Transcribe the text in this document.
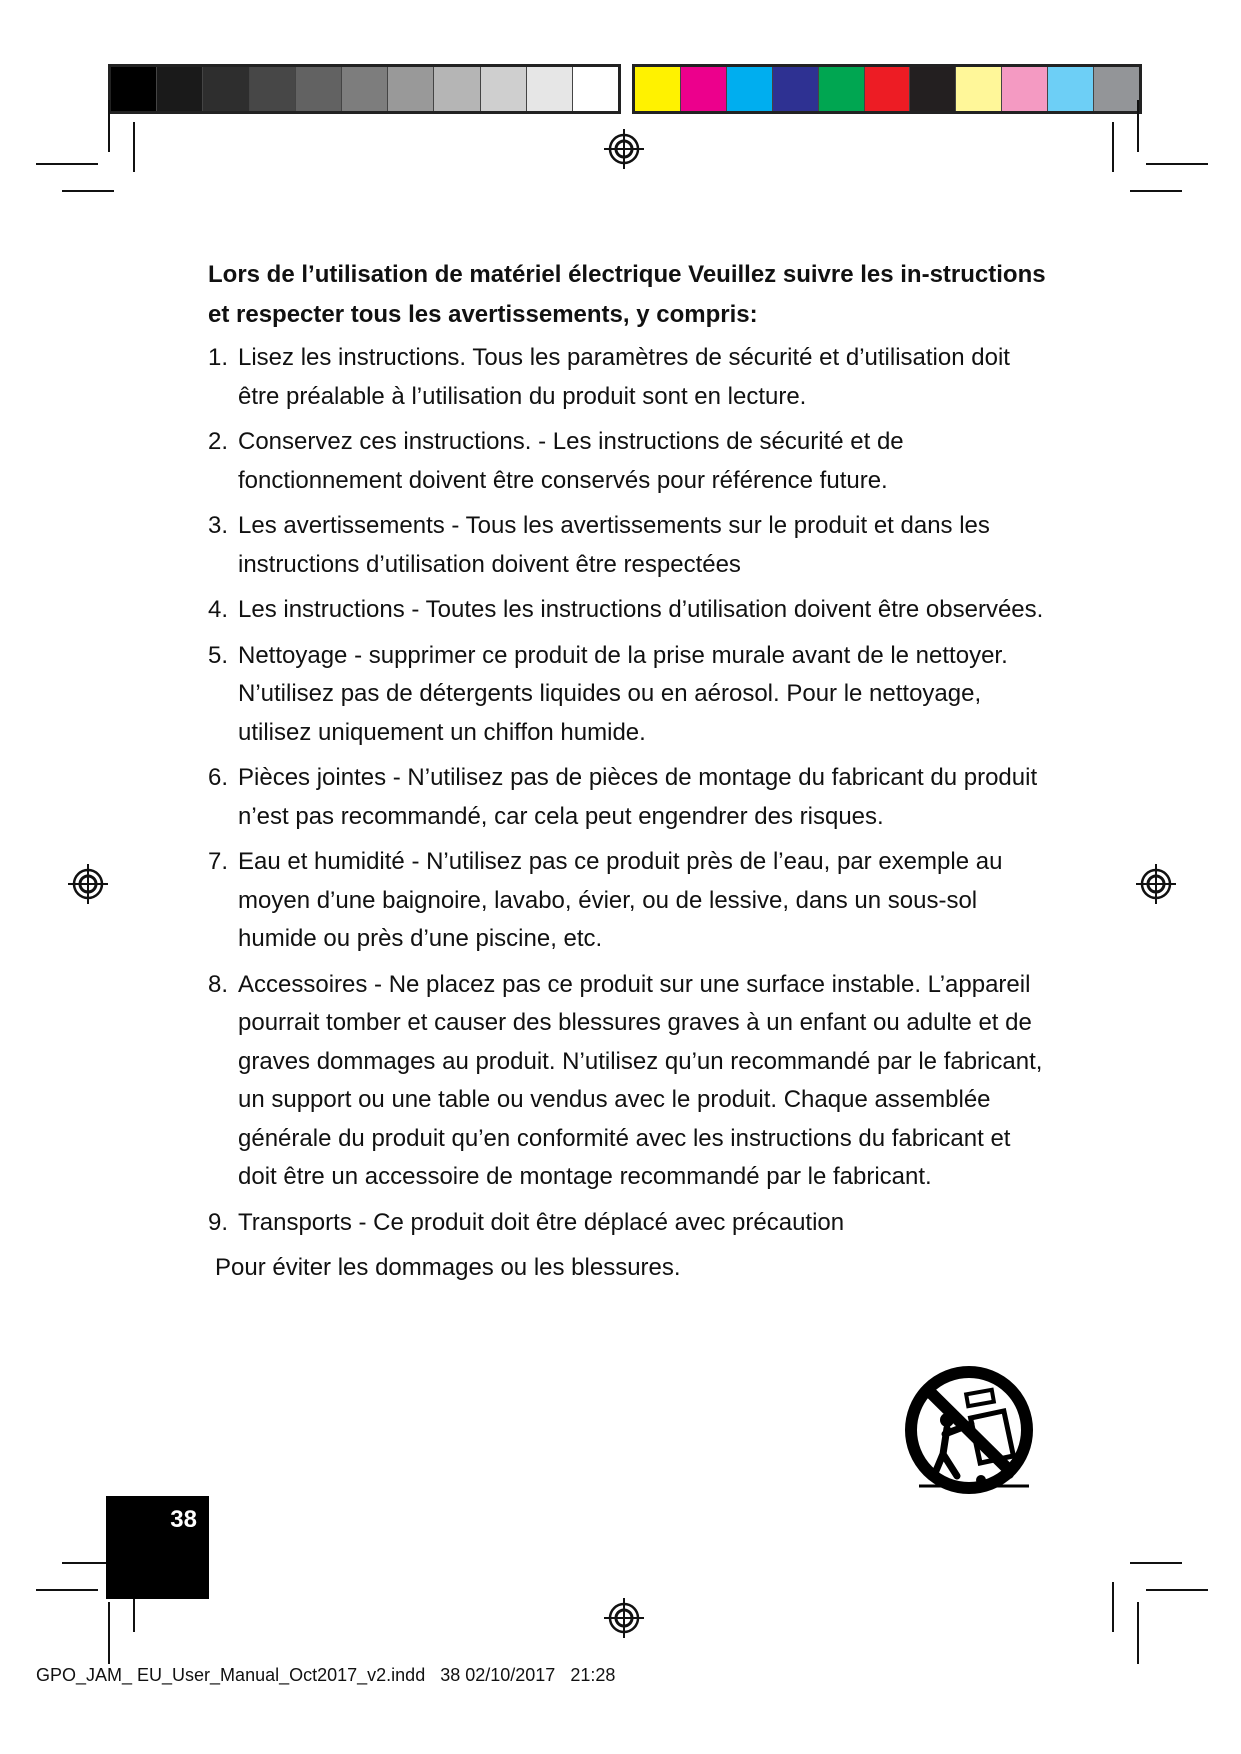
Lors de l’utilisation de matériel électrique Veuillez suivre les in-structions et respecter tous les avertissements, y compris:

1. Lisez les instructions. Tous les paramètres de sécurité et d’utilisation doit être préalable à l’utilisation du produit sont en lecture.
2. Conservez ces instructions. - Les instructions de sécurité et de fonctionnement doivent être conservés pour référence future.
3. Les avertissements - Tous les avertissements sur le produit et dans les instructions d’utilisation doivent être respectées
4. Les instructions - Toutes les instructions d’utilisation doivent être observées.
5. Nettoyage - supprimer ce produit de la prise murale avant de le nettoyer. N’utilisez pas de détergents liquides ou en aérosol. Pour le nettoyage, utilisez uniquement un chiffon humide.
6. Pièces jointes - N’utilisez pas de pièces de montage du fabricant du produit n’est pas recommandé, car cela peut engendrer des risques.
7. Eau et humidité - N’utilisez pas ce produit près de l’eau, par exemple au moyen d’une baignoire, lavabo, évier, ou de lessive, dans un sous-sol humide ou près d’une piscine, etc.
8. Accessoires - Ne placez pas ce produit sur une surface instable. L’appareil pourrait tomber et causer des blessures graves à un enfant ou adulte et de graves dommages au produit. N’utilisez qu’un recommandé par le fabricant, un support ou une table ou vendus avec le produit. Chaque assemblée générale du produit qu’en conformité avec les instructions du fabricant et doit être un accessoire de montage recommandé par le fabricant.
9. Transports - Ce produit doit être déplacé avec précaution
Pour éviter les dommages ou les blessures.
38
GPO_JAM_ EU_User_Manual_Oct2017_v2.indd   38 02/10/2017   21:28
